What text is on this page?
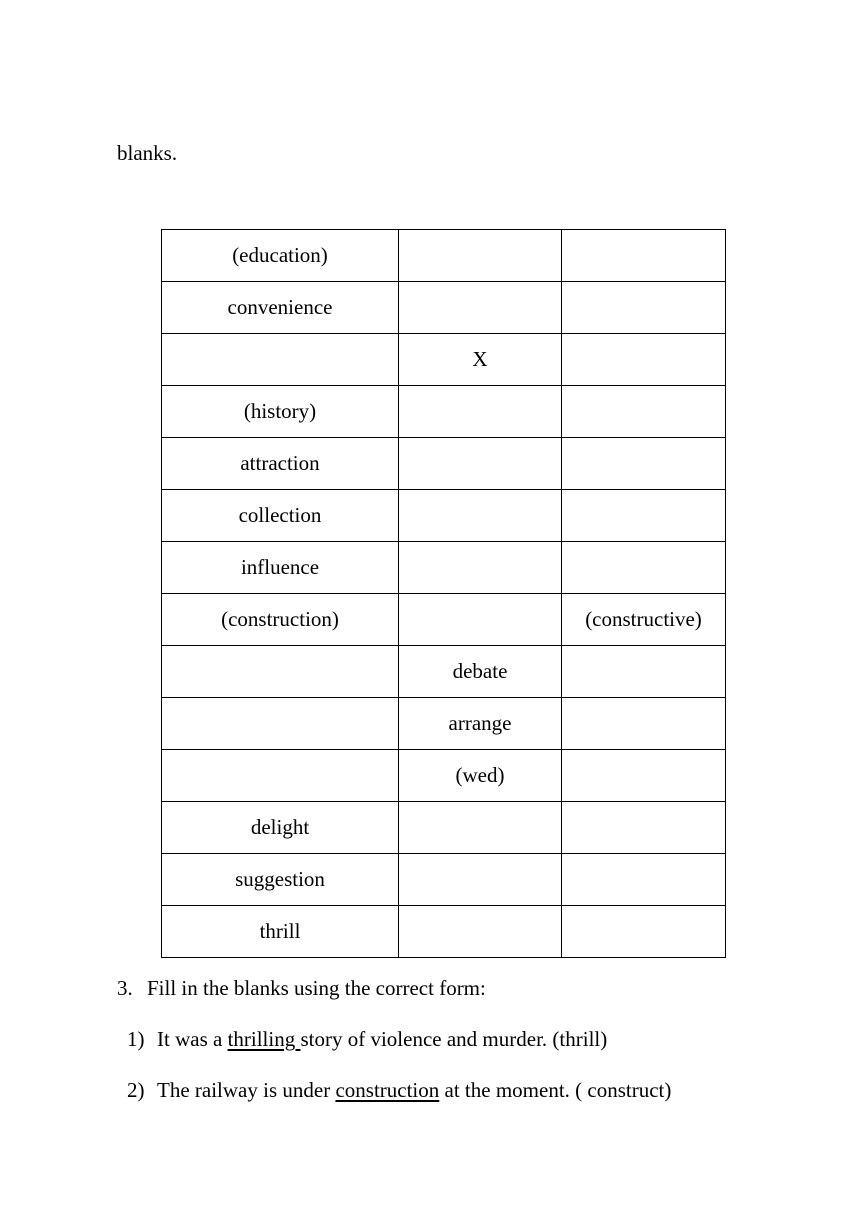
blanks.
(education)		
convenience		
	X	
(history)		
attraction		
collection		
influence		
(construction)		(constructive)
	debate	
	arrange	
	(wed)	
delight		
suggestion		
thrill		
3. Fill in the blanks using the correct form:
1) It was a thrilling story of violence and murder. (thrill)
2) The railway is under construction at the moment. ( construct)
